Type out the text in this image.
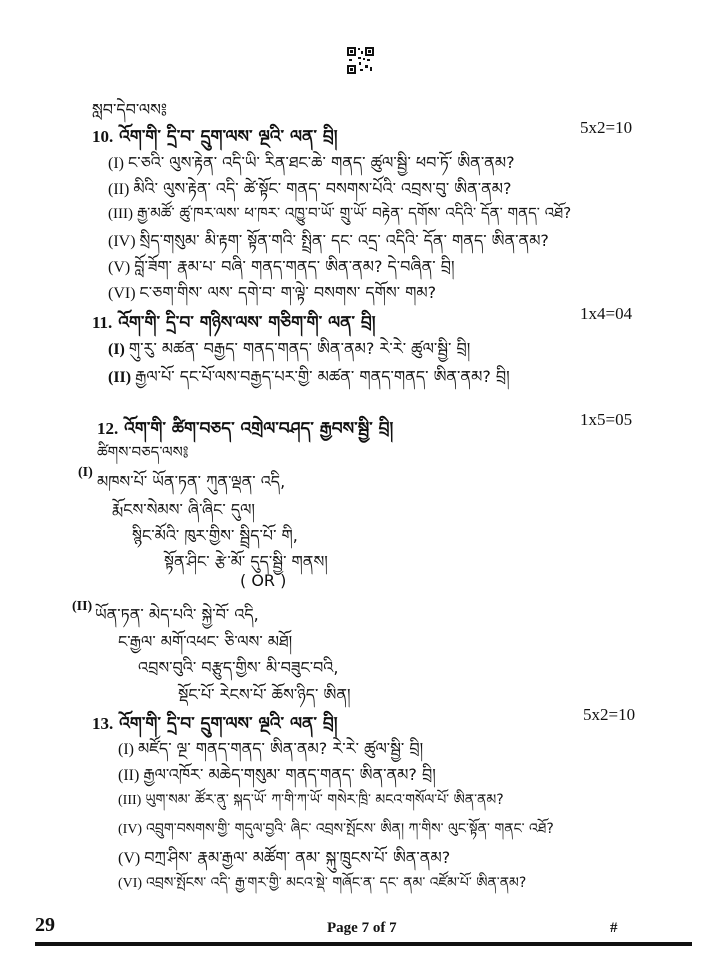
སླབ་དེབ་ལས༔
10. འོག་གི་ དྲི་བ་ དྲུག་ལས་ ལྔའི་ ལན་ བྲི།	5x2=10
(I) ང་ཅའི་ ལུས་རྟེན་ འདི་ཡི་ རིན་ཐང་ཆེ་ གནད་ ཚུལ་སྦྱི་ ཕབ་ཏོ་ ཨིན་ནམ?
(II) མིའི་ ལུས་རྟེན་ འདི་ ཚེ་སྟོང་ གནད་ བསགས་པོའི་ འབྲས་བུ་ ཨིན་ནམ?
(III) རྒྱ་མཚོ་ ཚུ་ཁར་ལས་ ཕ་ཁར་ འཁྱུ་བ་ཡོ་ གྲུ་ཡོ་ བརྟེན་ དགོས་ འདིའི་ དོན་ གནད་ འཐོ?
(IV) སྲིད་གསུམ་ མི་རྟག་ སྟོན་གའི་ སྤྲིན་ དང་ འདྲ་ འདིའི་ དོན་ གནད་ ཨིན་ནམ?
(V) བློ་ཟོག་ རྣམ་པ་ བཞི་ གནད་གནད་ ཨིན་ནམ? དེ་བཞིན་ བྲི།
(VI) ང་ཅག་གིས་ ལས་ དགེ་བ་ ག་ལྟེ་ བསགས་ དགོས་ གམ?
11. འོག་གི་ དྲི་བ་ གཉིས་ལས་ གཅིག་གི་ ལན་ བྲི།	1x4=04
(I) གུ་རུ་ མཚན་ བརྒྱད་ གནད་གནད་ ཨིན་ནམ? རེ་རེ་ ཚུལ་སྦྱི་ བྲི།
(II) རྒྱལ་པོ་ དང་པོ་ལས་བརྒྱད་པར་གྱི་ མཚན་ གནད་གནད་ ཨིན་ནམ? བྲི།
12. འོག་གི་ ཚིག་བཅད་ འགྲེལ་བཤད་ རྒྱབས་སྦྱི་ བྲི།	1x5=05
ཚིགས་བཅད་ལས༔
(I) མཁས་པོ་ ཡོན་ཏན་ ཀུན་ལྡན་ འདི,
རྨོངས་སེམས་ ཞི་ཞིང་ དུལ།
སྙིང་མོའི་ ཁུར་གྱིས་ སྦྲིད་པོ་ གི,
སྟོན་ཤིང་ རྩེ་མོ་ དུད་སྦྱི་ གནས།
( OR )
(II) ཡོན་ཏན་ མེད་པའི་ སྐྱེ་བོ་ འདི,
ང་རྒྱལ་ མགོ་འཕང་ ཅི་ལས་ མཐོ།
འབྲས་བུའི་ བརྩུད་གྱིས་ མི་བཟུང་བའི,
སྡོང་པོ་ རེངས་པོ་ ཆོས་ཉིད་ ཨིན།
13. འོག་གི་ དྲི་བ་ དྲུག་ལས་ ལྔའི་ ལན་ བྲི།	5x2=10
(I) མཛོད་ ལྔ་ གནད་གནད་ ཨིན་ནམ? རེ་རེ་ ཚུལ་སྦྱི་ བྲི།
(II) རྒྱལ་འཁོར་ མཆེད་གསུམ་ གནད་གནད་ ཨིན་ནམ? བྲི།
(III) ཡུག་སམ་ ཚོར་ནུ་ སྐད་ཡོ་ ཀ་གི་ཀ་ཡོ་ གསེར་ཁྲི་ མངའ་གསོལ་པོ་ ཨིན་ནམ?
(IV) འབྲུག་བསགས་གྱི་ གདུལ་བྱའི་ ཞིང་ འབྲས་སྤོངས་ ཨིན། ཀ་གིས་ ལུང་སྟོན་ གནང་ འཐོ?
(V) བཀྲ་ཤིས་ རྣམ་རྒྱལ་ མཚོག་ ནམ་ སྐུ་ཁྲུངས་པོ་ ཨིན་ནམ?
(VI) འབྲས་སྤོངས་ འདི་ རྒྱ་གར་གྱི་ མངའ་སྡེ་ གཞོང་ན་ དང་ ནམ་ འཛོམ་པོ་ ཨིན་ནམ?
29	Page 7 of 7	#
